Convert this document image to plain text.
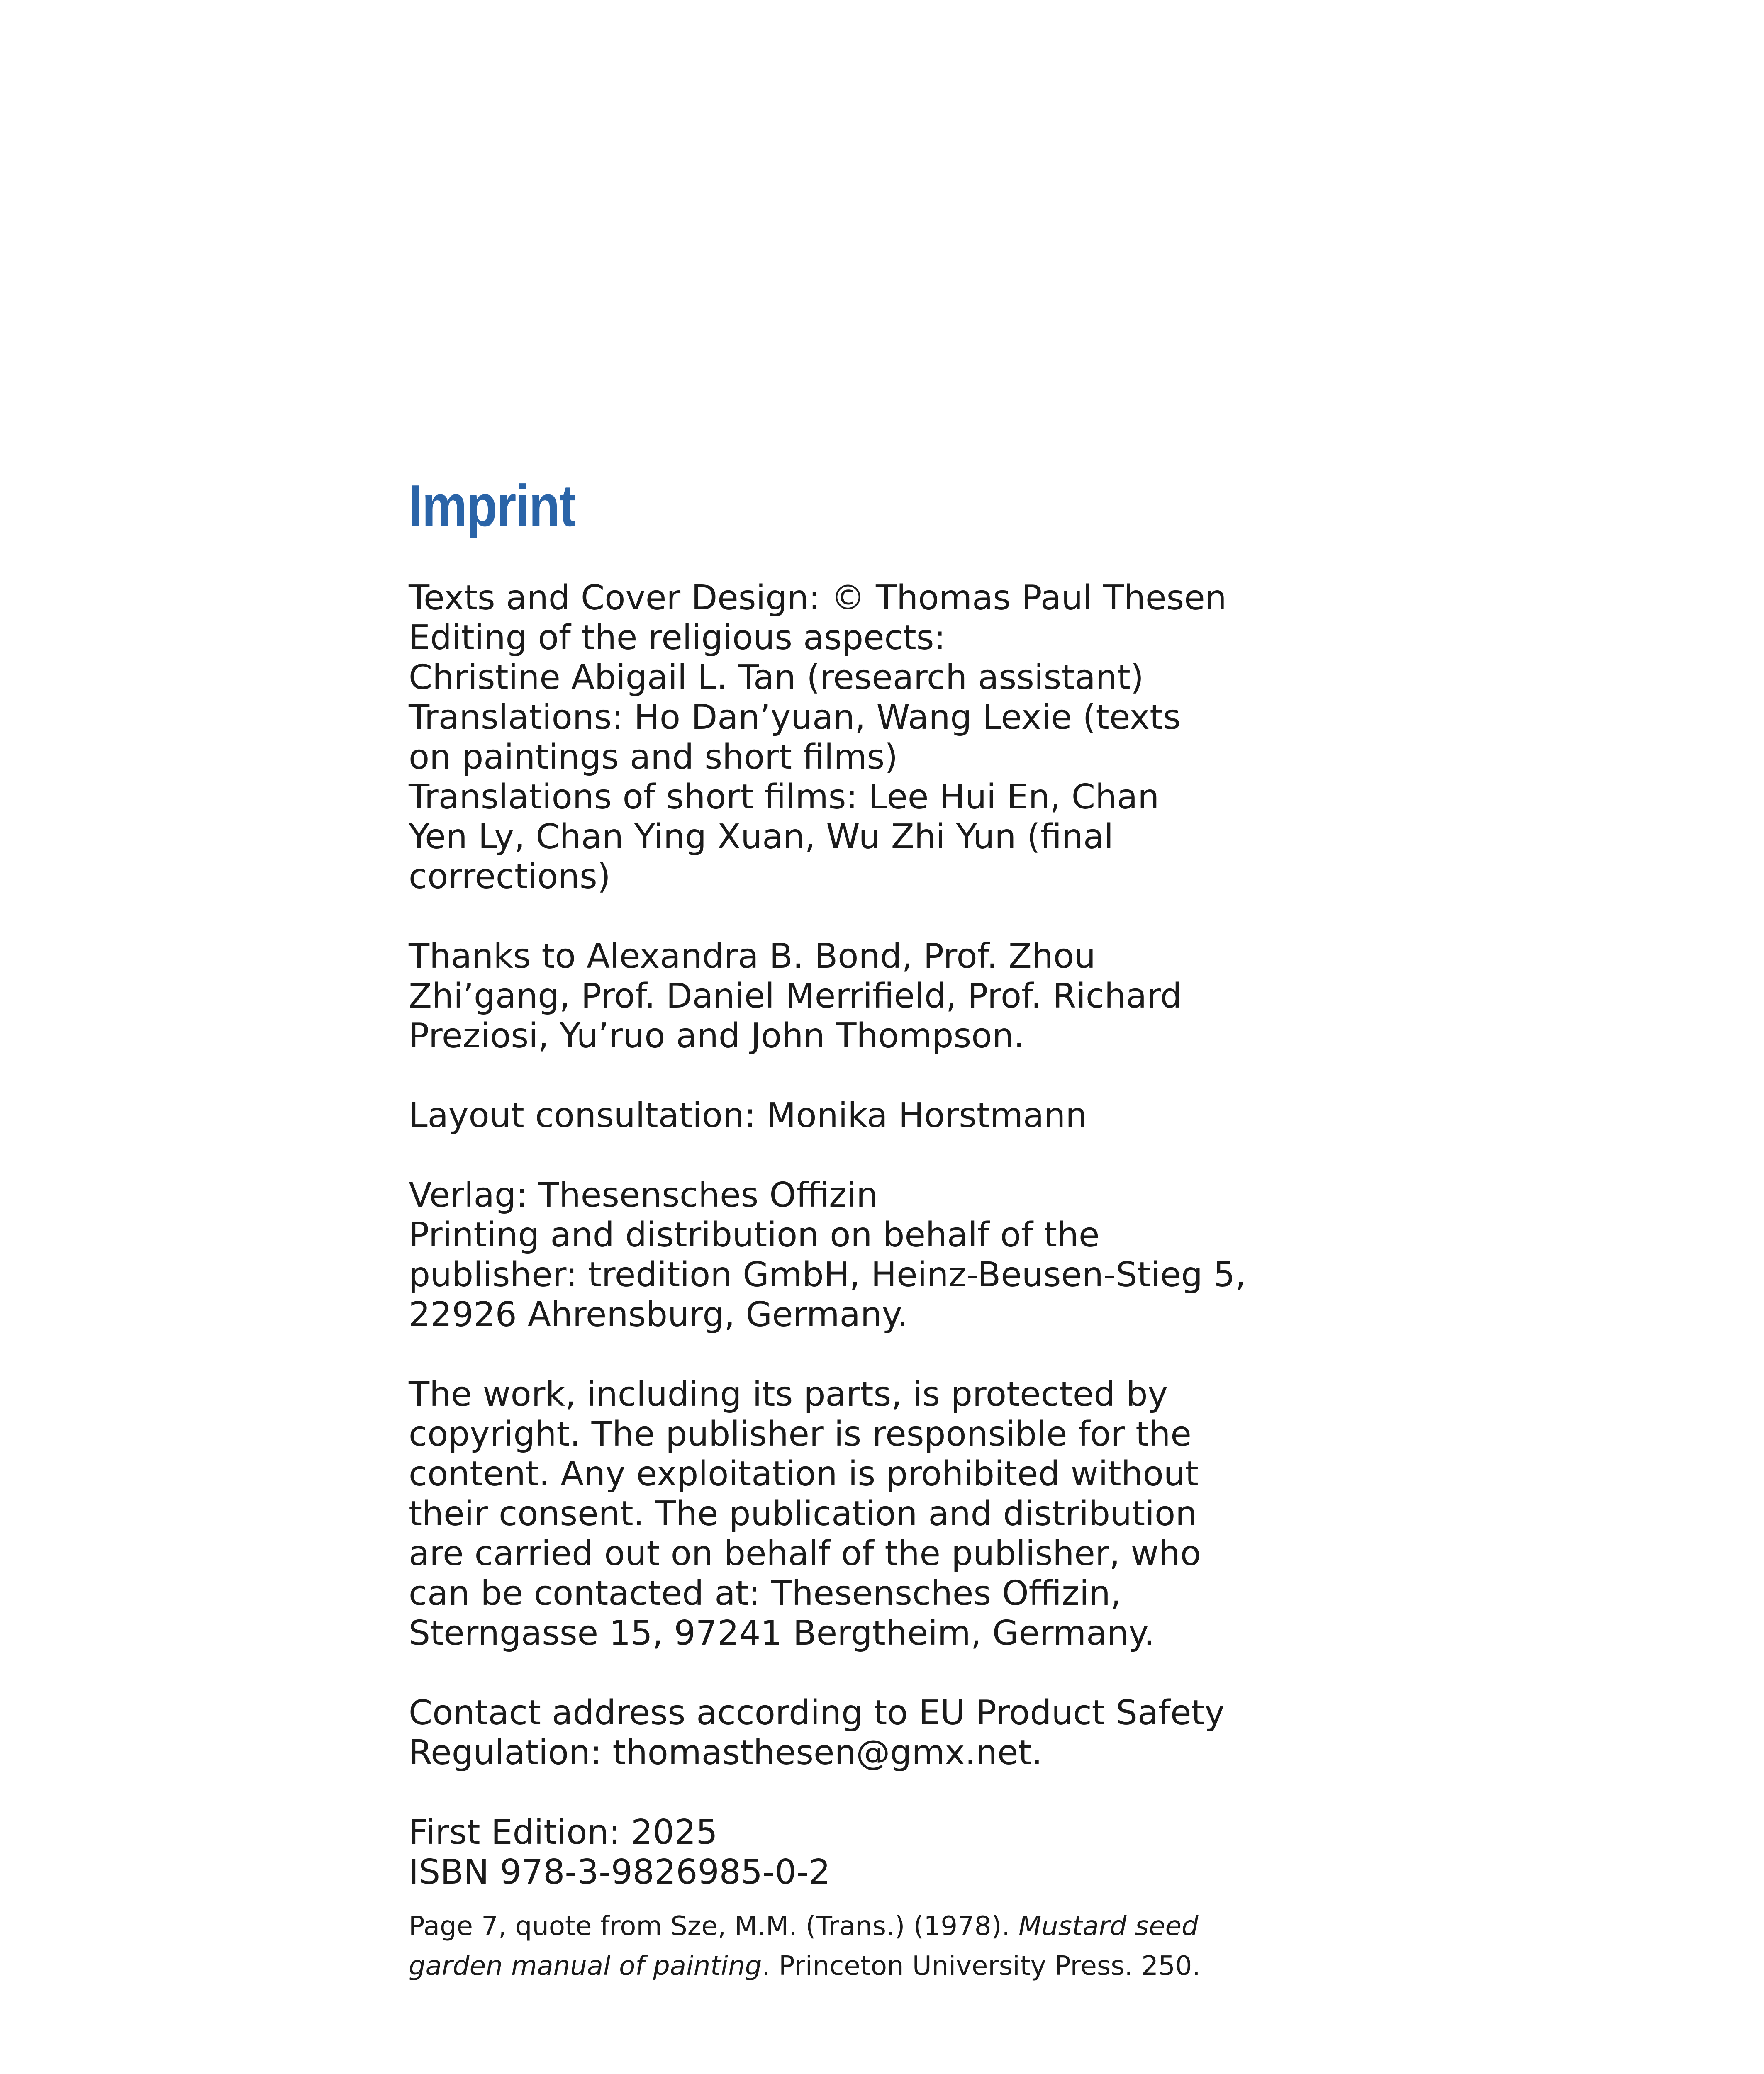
Imprint
Texts and Cover Design: © Thomas Paul Thesen
Editing of the religious aspects:
Christine Abigail L. Tan (research assistant)
Translations: Ho Dan’yuan, Wang Lexie (texts
on paintings and short films)
Translations of short films: Lee Hui En, Chan
Yen Ly, Chan Ying Xuan, Wu Zhi Yun (final
corrections)
Thanks to Alexandra B. Bond, Prof. Zhou
Zhi’gang, Prof. Daniel Merrifield, Prof. Richard
Preziosi, Yu’ruo and John Thompson.
Layout consultation: Monika Horstmann
Verlag: Thesensches Offizin
Printing and distribution on behalf of the
publisher: tredition GmbH, Heinz-Beusen-Stieg 5,
22926 Ahrensburg, Germany.
The work, including its parts, is protected by
copyright. The publisher is responsible for the
content. Any exploitation is prohibited without
their consent. The publication and distribution
are carried out on behalf of the publisher, who
can be contacted at: Thesensches Offizin,
Sterngasse 15, 97241 Bergtheim, Germany.
Contact address according to EU Product Safety
Regulation: thomasthesen@gmx.net.
First Edition: 2025
ISBN 978-3-9826985-0-2
Page 7, quote from Sze, M.M. (Trans.) (1978). Mustard seed
garden manual of painting. Princeton University Press. 250.
